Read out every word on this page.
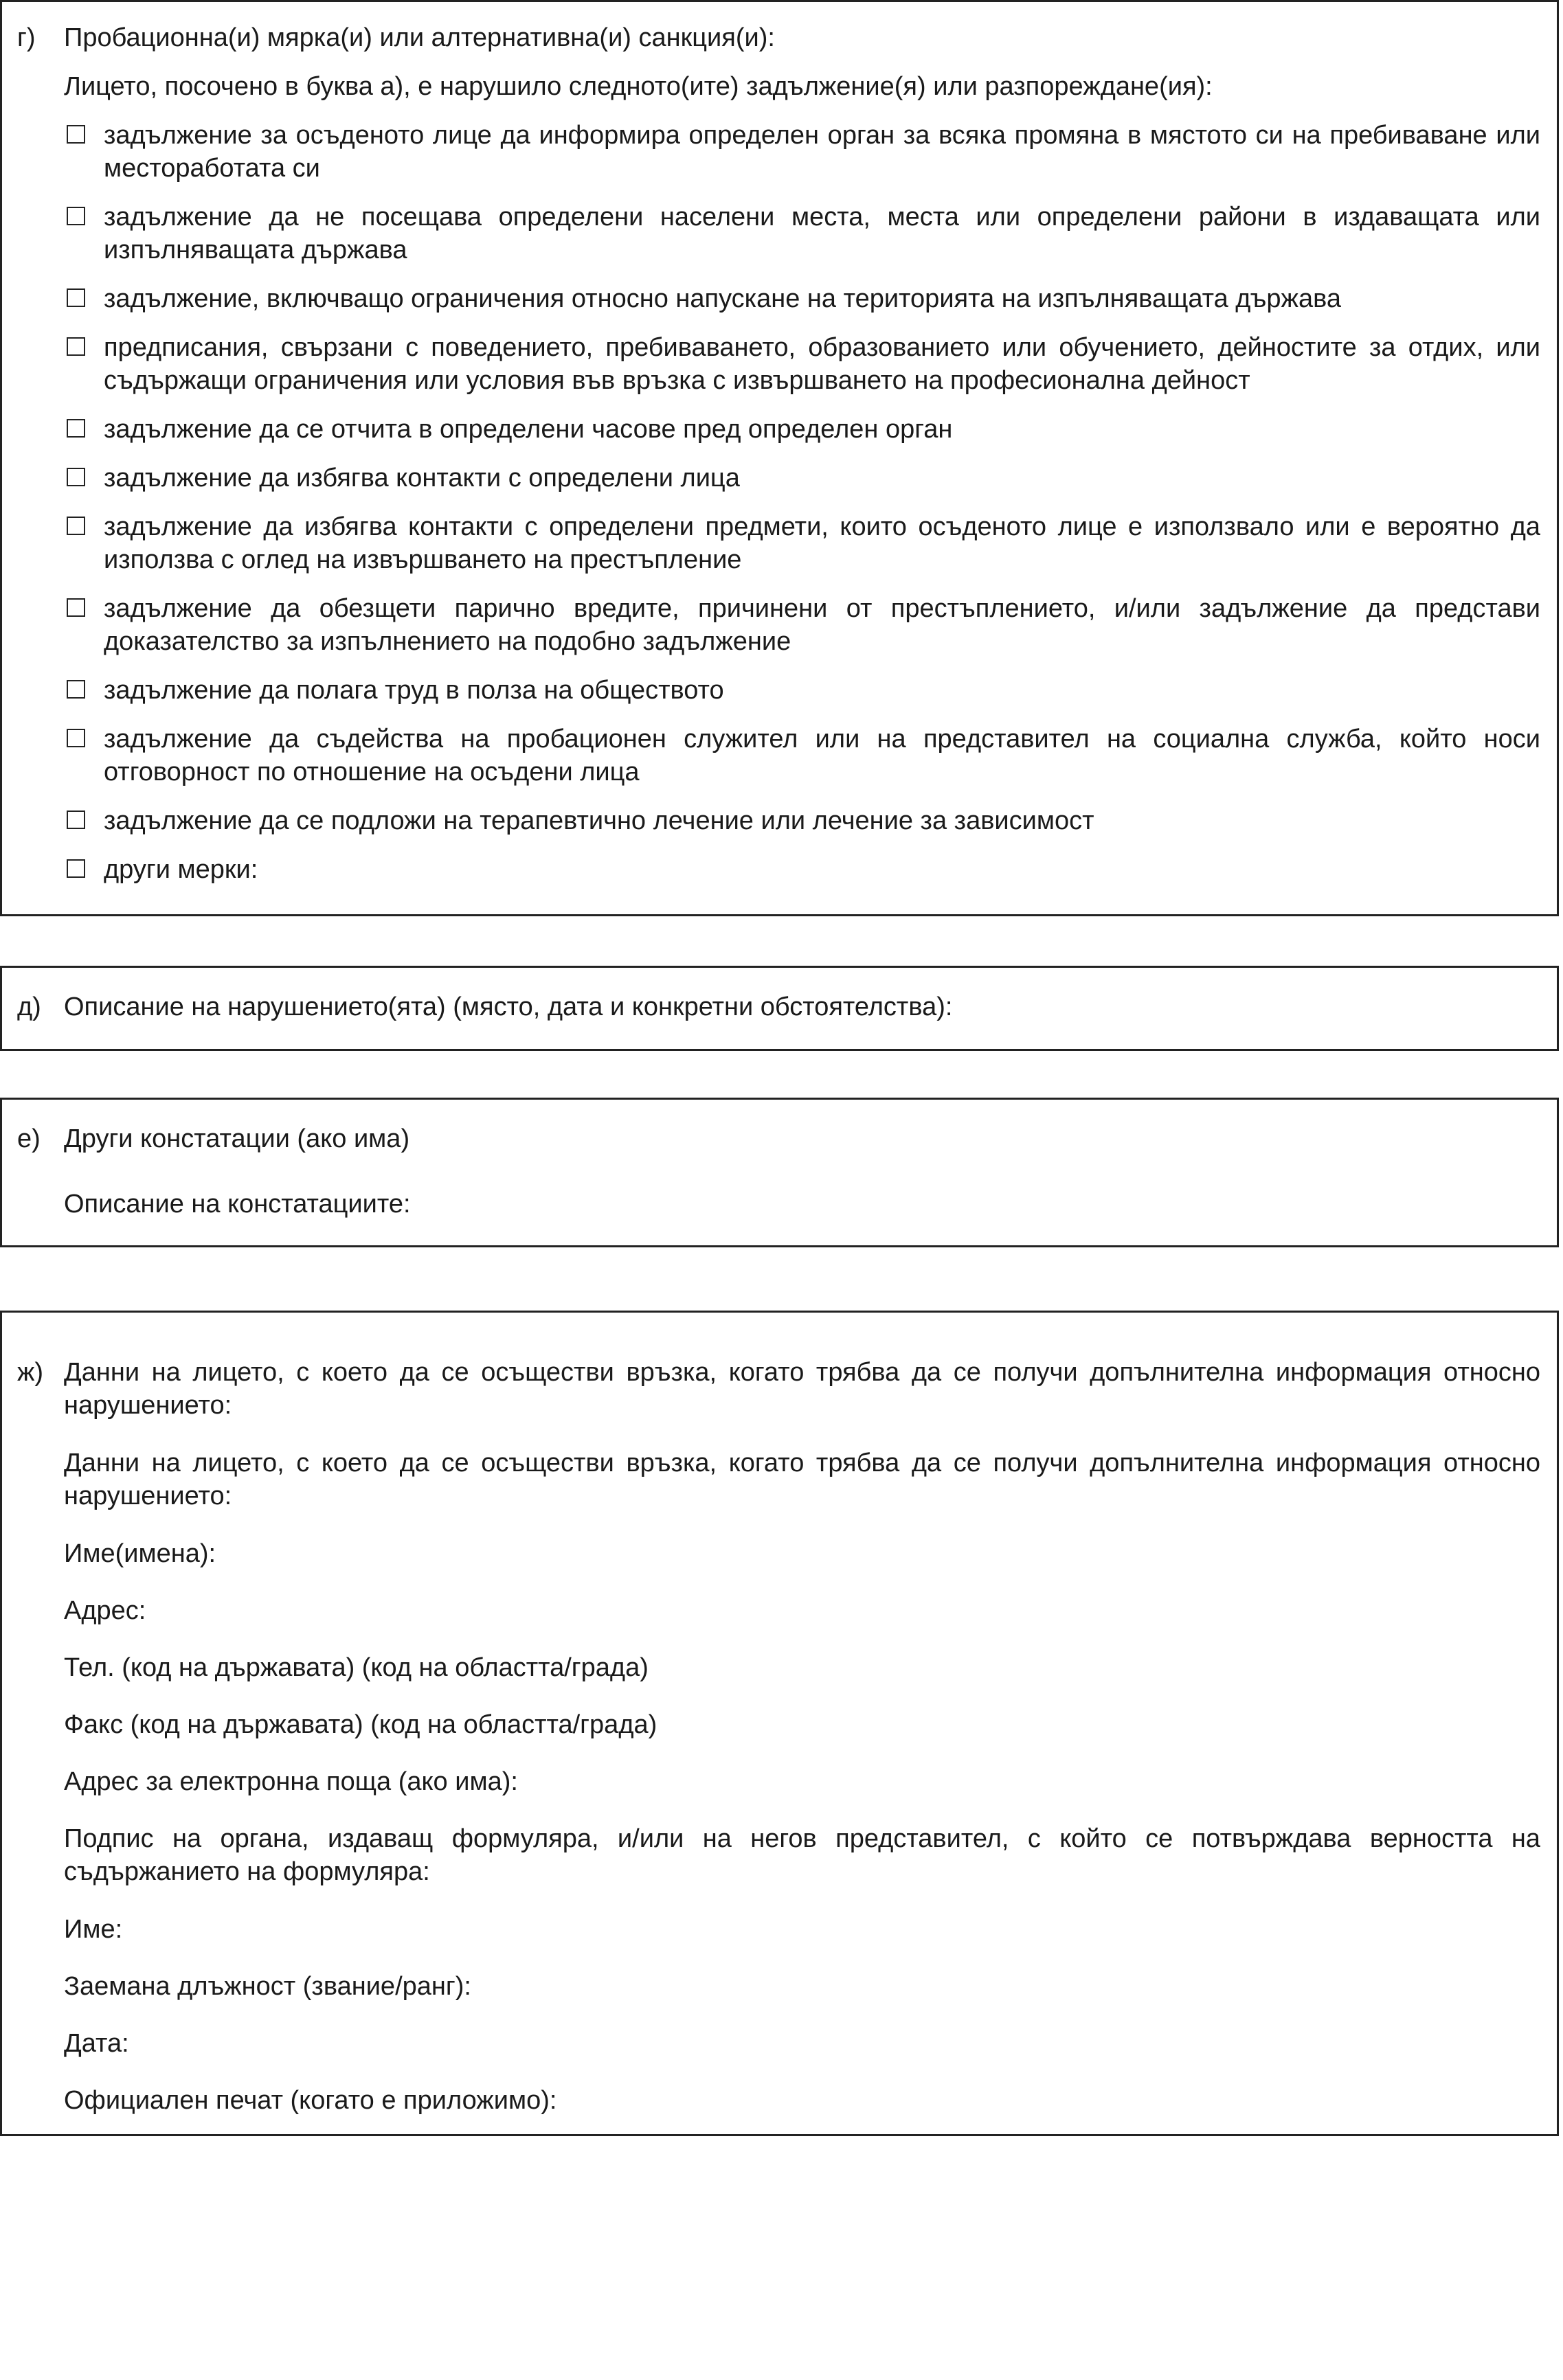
г) Пробационна(и) мярка(и) или алтернативна(и) санкция(и):

Лицето, посочено в буква а), е нарушило следното(ите) задължение(я) или разпореждане(ия):

задължение за осъденото лице да информира определен орган за всяка промяна в мястото си на пребиваване или месторaботата си
задължение да не посещава определени населени места, места или определени райони в издаващата или изпълняващата държава
задължение, включващо ограничения относно напускане на територията на изпълняващата държава
предписания, свързани с поведението, пребиваването, образованието или обучението, дейностите за отдих, или съдържащи ограничения или условия във връзка с извършването на професионална дейност
задължение да се отчита в определени часове пред определен орган
задължение да избягва контакти с определени лица
задължение да избягва контакти с определени предмети, които осъденото лице е използвало или е вероятно да използва с оглед на извършването на престъпление
задължение да обезщети парично вредите, причинени от престъплението, и/или задължение да представи доказателство за изпълнението на подобно задължение
задължение да полага труд в полза на обществото
задължение да съдейства на пробационен служител или на представител на социална служба, който носи отговорност по отношение на осъдени лица
задължение да се подложи на терапевтично лечение или лечение за зависимост
други мерки:
д) Описание на нарушението(ята) (място, дата и конкретни обстоятелства):

е) Други констатации (ако има)

Описание на констатациите:

ж) Данни на лицето, с което да се осъществи връзка, когато трябва да се получи допълнителна информация относно нарушението:

Данни на лицето, с което да се осъществи връзка, когато трябва да се получи допълнителна информация относно нарушението:

Име(имена):

Адрес:

Тел. (код на държавата) (код на областта/града)

Факс (код на държавата) (код на областта/града)

Адрес за електронна поща (ако има):

Подпис на органа, издаващ формуляра, и/или на негов представител, с който се потвърждава верността на съдържанието на формуляра:

Име:

Заемана длъжност (звание/ранг):

Дата:

Официален печат (когато е приложимо):
